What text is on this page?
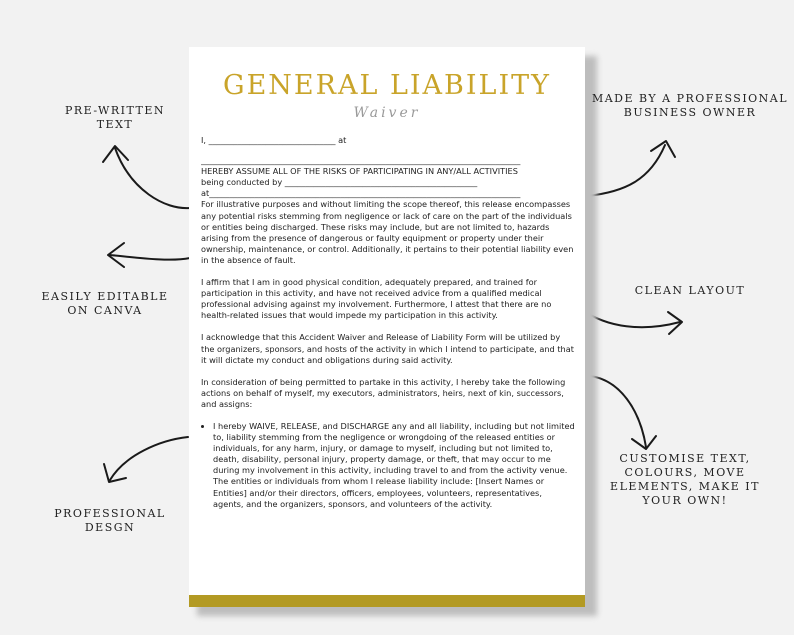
GENERAL LIABILITY
Waiver
I, _______________________________ at
______________________________________________________________________________
HEREBY ASSUME ALL OF THE RISKS OF PARTICIPATING IN ANY/ALL ACTIVITIES
being conducted by _______________________________________________
at____________________________________________________________________________

For illustrative purposes and without limiting the scope thereof, this release encompasses any potential risks stemming from negligence or lack of care on the part of the individuals or entities being discharged. These risks may include, but are not limited to, hazards arising from the presence of dangerous or faulty equipment or property under their ownership, maintenance, or control. Additionally, it pertains to their potential liability even in the absence of fault.

I affirm that I am in good physical condition, adequately prepared, and trained for participation in this activity, and have not received advice from a qualified medical professional advising against my involvement. Furthermore, I attest that there are no health-related issues that would impede my participation in this activity.

I acknowledge that this Accident Waiver and Release of Liability Form will be utilized by the organizers, sponsors, and hosts of the activity in which I intend to participate, and that it will dictate my conduct and obligations during said activity.

In consideration of being permitted to partake in this activity, I hereby take the following actions on behalf of myself, my executors, administrators, heirs, next of kin, successors, and assigns:

• I hereby WAIVE, RELEASE, and DISCHARGE any and all liability, including but not limited to, liability stemming from the negligence or wrongdoing of the released entities or individuals, for any harm, injury, or damage to myself, including but not limited to, death, disability, personal injury, property damage, or theft, that may occur to me during my involvement in this activity, including travel to and from the activity venue. The entities or individuals from whom I release liability include: [Insert Names or Entities] and/or their directors, officers, employees, volunteers, representatives, agents, and the organizers, sponsors, and volunteers of the activity.
PRE-WRITTEN
TEXT
EASILY EDITABLE
ON CANVA
PROFESSIONAL
DESGN
MADE BY A PROFESSIONAL
BUSINESS OWNER
CLEAN LAYOUT
CUSTOMISE TEXT,
COLOURS, MOVE
ELEMENTS, MAKE IT
YOUR OWN!
